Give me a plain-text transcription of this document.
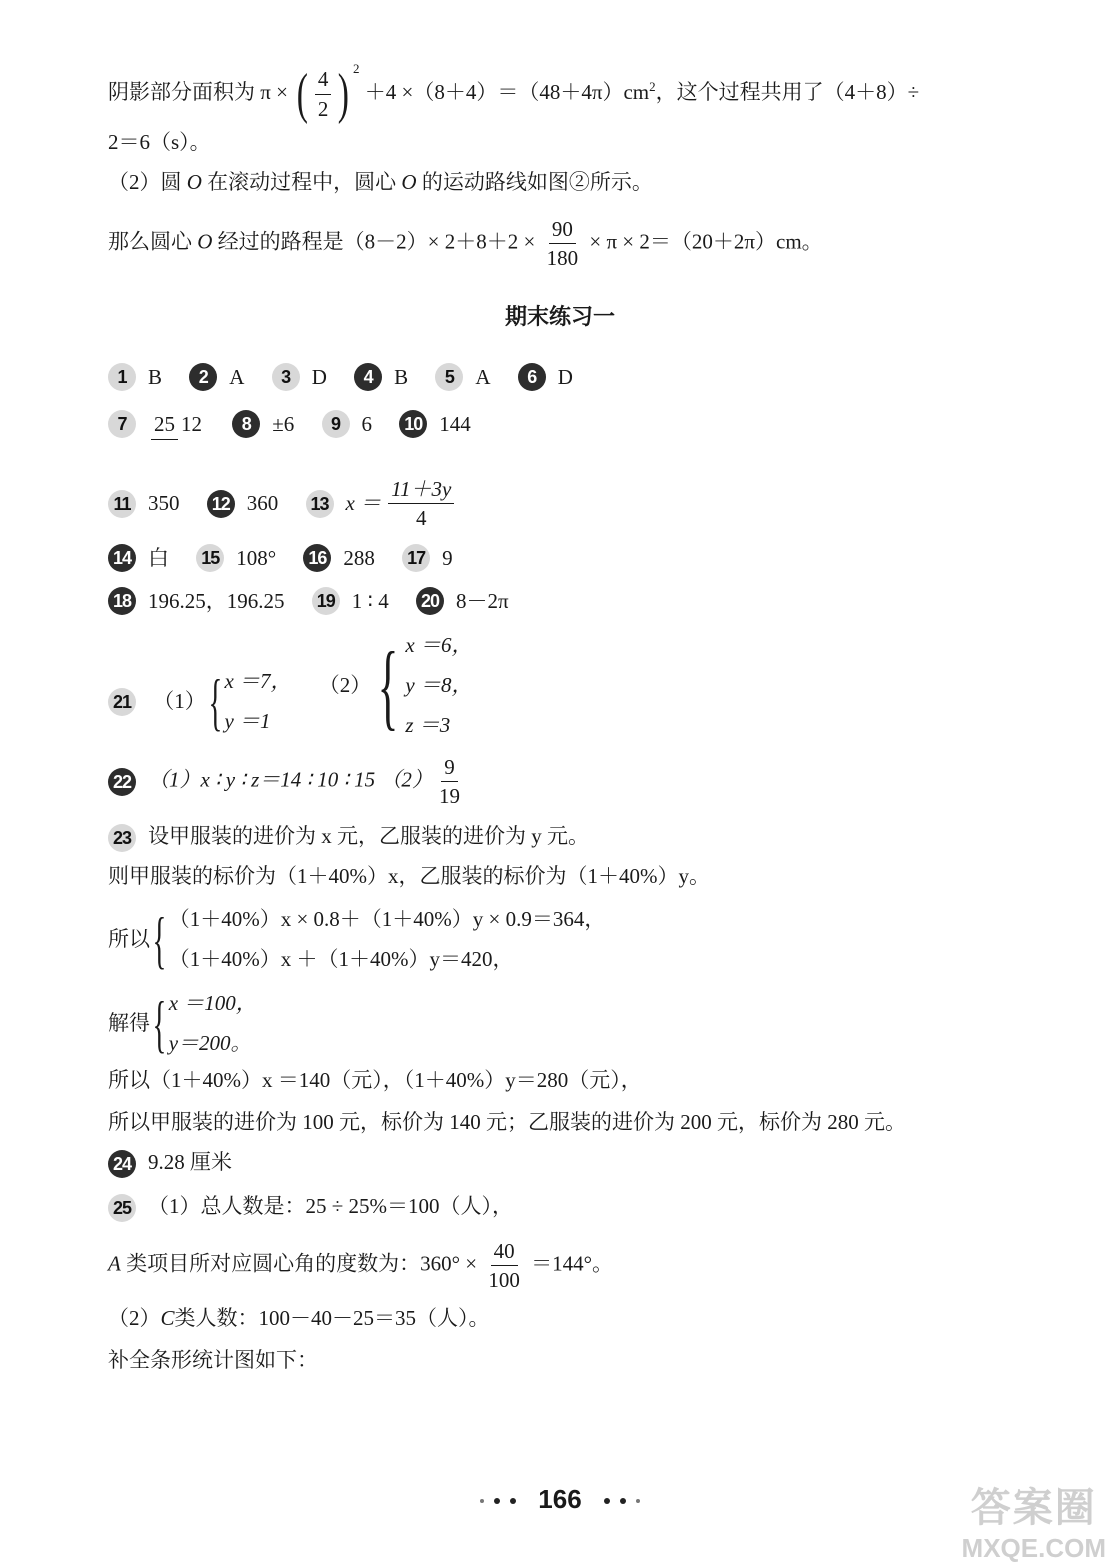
阴影部分面积为 π × ( $\frac{4}{2}$ ) $^2 +4 \times(8+4)=(48+4\pi)cm^2$，这个过程共用了（4＋8）÷
2＝6（s）。
（2）圆 O 在滚动过程中，圆心 O 的运动路线如图②所示。
那么圆心 O 经过的路程是$(8-2)\times 2+8+2 \times \frac{90}{180} \times \pi \times 2=(20+2\pi)cm$。
期末练习一
1 B 2 A 3 D 4 B 5 A 6 D
7 25 12 8 ±6 9 6 10 144
11 350 12 360 13 $x = \frac{11+3y}{4}$
14 白 15 108° 16 288 17 9
18 196.25，196.25 19 1 ∶ 4 20 8－2π
21 （1） { x ＝7，
y ＝1

（2） { x ＝6，
y ＝8，
z ＝3
22 （1）x ∶ y ∶ z＝14 ∶ 10 ∶ 15 $(2) \frac{9}{19}$
23 设甲服装的进价为 x 元，乙服装的进价为 y 元。
则甲服装的标价为（1＋40%）x，乙服装的标价为（1＋40%）y。
所以 { （1＋40%）x × 0.8＋（1＋40%）y × 0.9＝364，
（1＋40%）x ＋（1＋40%）y＝420，
解得 { x ＝100，
y＝200。
所以（1＋40%）x ＝140（元），（1＋40%）y＝280（元），
所以甲服装的进价为 100 元，标价为 140 元；乙服装的进价为 200 元，标价为 280 元。
24 9.28 厘米
25 （1）总人数是：25 ÷ 25%＝100（人），
A 类项目所对应圆心角的度数为：$360^\circ \times \frac{40}{100} =144^\circ$。
（2）C类人数：100－40－25＝35（人）。
补全条形统计图如下：
166	答案圈
MXQE.COM
